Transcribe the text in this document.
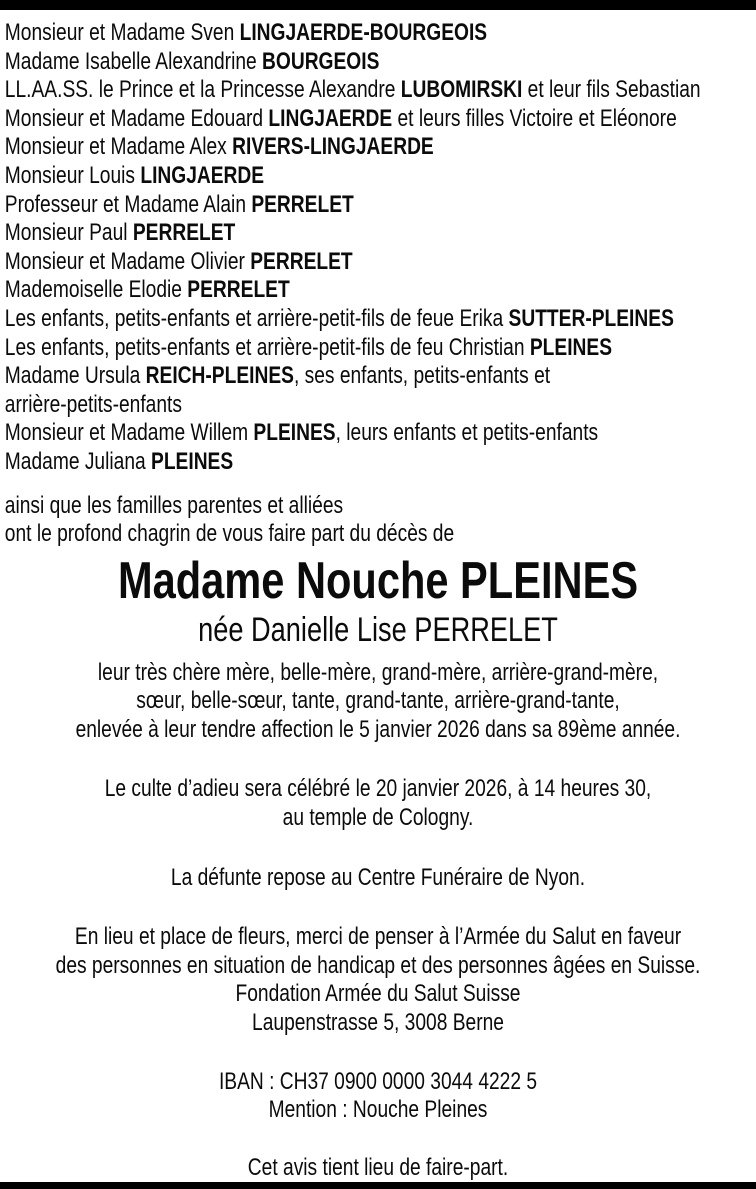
Monsieur et Madame Sven LINGJAERDE-BOURGEOIS
Madame Isabelle Alexandrine BOURGEOIS
LL.AA.SS. le Prince et la Princesse Alexandre LUBOMIRSKI et leur fils Sebastian
Monsieur et Madame Edouard LINGJAERDE et leurs filles Victoire et Eléonore
Monsieur et Madame Alex RIVERS-LINGJAERDE
Monsieur Louis LINGJAERDE
Professeur et Madame Alain PERRELET
Monsieur Paul PERRELET
Monsieur et Madame Olivier PERRELET
Mademoiselle Elodie PERRELET
Les enfants, petits-enfants et arrière-petit-fils de feue Erika SUTTER-PLEINES
Les enfants, petits-enfants et arrière-petit-fils de feu Christian PLEINES
Madame Ursula REICH-PLEINES, ses enfants, petits-enfants et
arrière-petits-enfants
Monsieur et Madame Willem PLEINES, leurs enfants et petits-enfants
Madame Juliana PLEINES
ainsi que les familles parentes et alliées
ont le profond chagrin de vous faire part du décès de
Madame Nouche PLEINES
née Danielle Lise PERRELET
leur très chère mère, belle-mère, grand-mère, arrière-grand-mère,
sœur, belle-sœur, tante, grand-tante, arrière-grand-tante,
enlevée à leur tendre affection le 5 janvier 2026 dans sa 89ème année.
Le culte d’adieu sera célébré le 20 janvier 2026, à 14 heures 30,
au temple de Cologny.
La défunte repose au Centre Funéraire de Nyon.
En lieu et place de fleurs, merci de penser à l’Armée du Salut en faveur
des personnes en situation de handicap et des personnes âgées en Suisse.
Fondation Armée du Salut Suisse
Laupenstrasse 5, 3008 Berne
IBAN : CH37 0900 0000 3044 4222 5
Mention : Nouche Pleines
Cet avis tient lieu de faire-part.
